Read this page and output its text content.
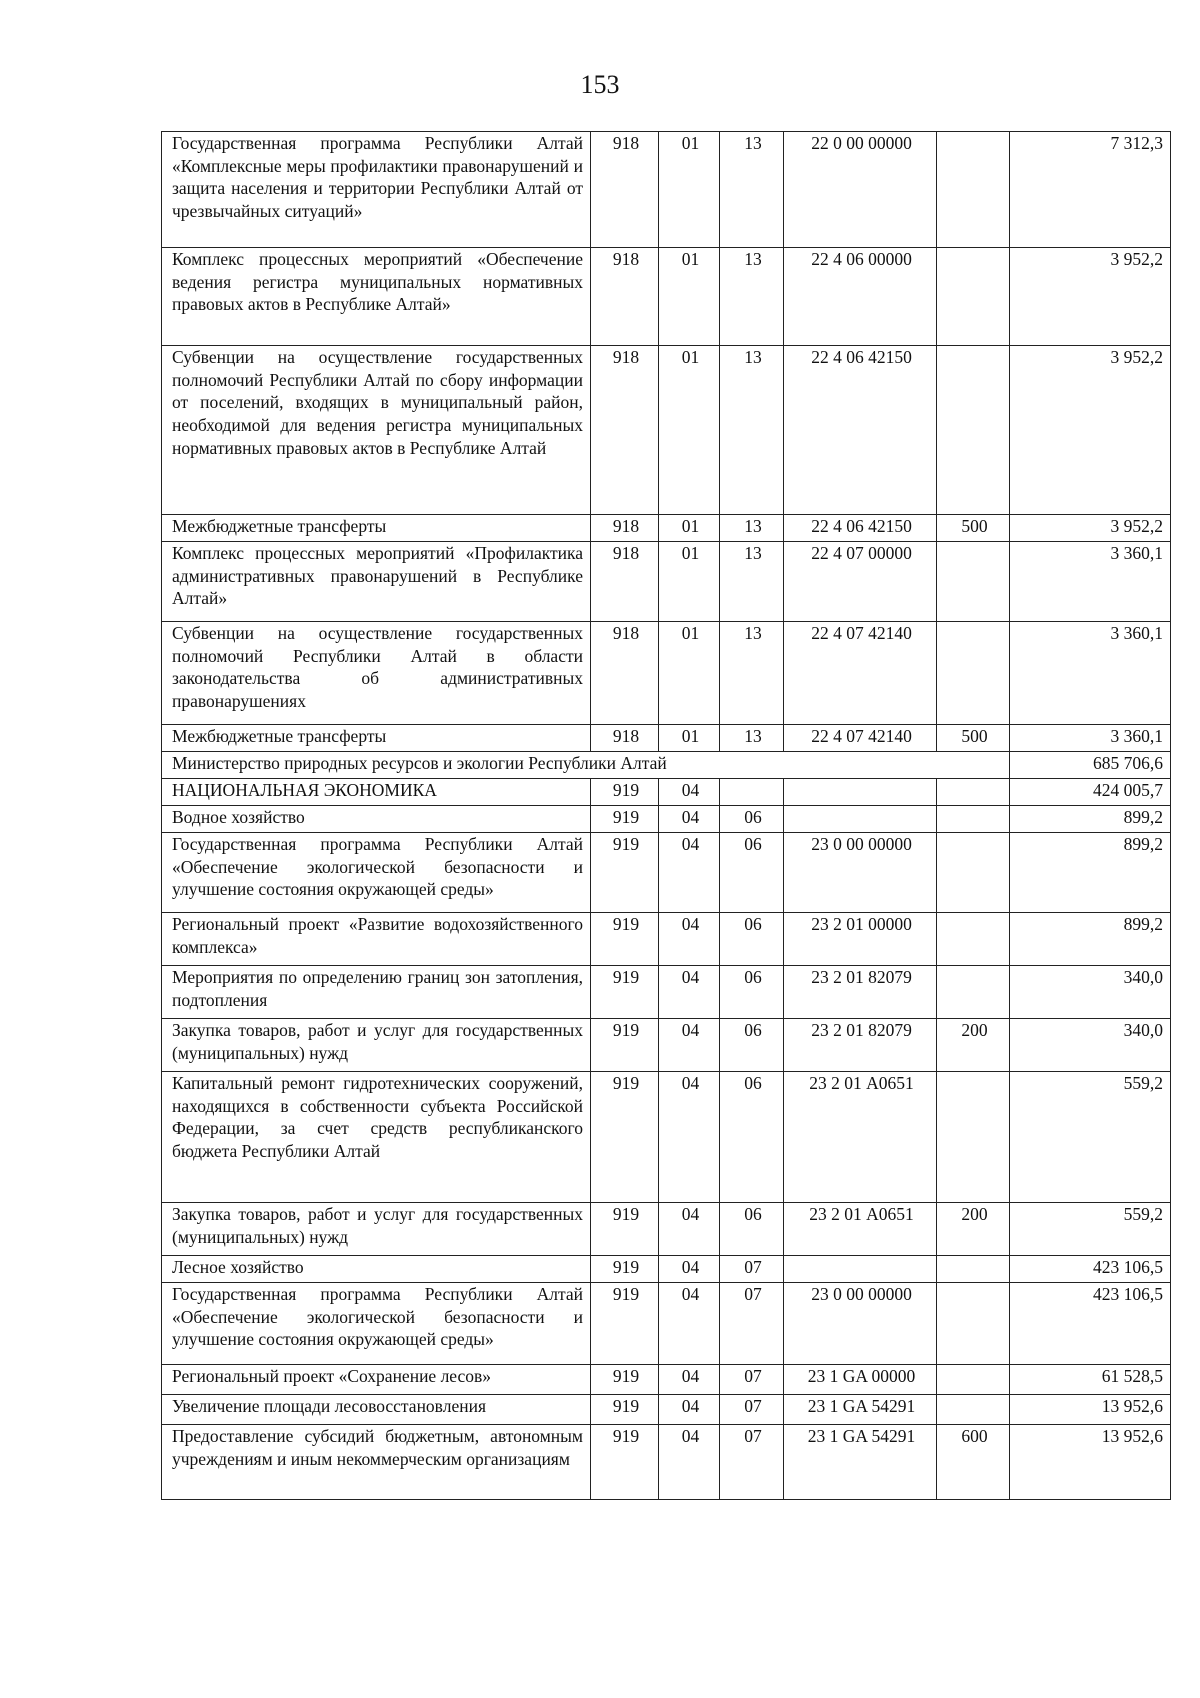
153
Государственная программа Республики Алтай «Комплексные меры профилактики правонарушений и защита населения и территории Республики Алтай от чрезвычайных ситуаций»	918	01	13	22 0 00 00000		7 312,3
Комплекс процессных мероприятий «Обеспечение ведения регистра муниципальных нормативных правовых актов в Республике Алтай»	918	01	13	22 4 06 00000		3 952,2
Субвенции на осуществление государственных полномочий Республики Алтай по сбору информации от поселений, входящих в муниципальный район, необходимой для ведения регистра муниципальных нормативных правовых актов в Республике Алтай	918	01	13	22 4 06 42150		3 952,2
Межбюджетные трансферты	918	01	13	22 4 06 42150	500	3 952,2
Комплекс процессных мероприятий «Профилактика административных правонарушений в Республике Алтай»	918	01	13	22 4 07 00000		3 360,1
Субвенции на осуществление государственных полномочий Республики Алтай в области законодательства об административных правонарушениях	918	01	13	22 4 07 42140		3 360,1
Межбюджетные трансферты	918	01	13	22 4 07 42140	500	3 360,1
Министерство природных ресурсов и экологии Республики Алтай						685 706,6
НАЦИОНАЛЬНАЯ ЭКОНОМИКА	919	04				424 005,7
Водное хозяйство	919	04	06			899,2
Государственная программа Республики Алтай «Обеспечение экологической безопасности и улучшение состояния окружающей среды»	919	04	06	23 0 00 00000		899,2
Региональный проект «Развитие водохозяйственного комплекса»	919	04	06	23 2 01 00000		899,2
Мероприятия по определению границ зон затопления, подтопления	919	04	06	23 2 01 82079		340,0
Закупка товаров, работ и услуг для государственных (муниципальных) нужд	919	04	06	23 2 01 82079	200	340,0
Капитальный ремонт гидротехнических сооружений, находящихся в собственности субъекта Российской Федерации, за счет средств республиканского бюджета Республики Алтай	919	04	06	23 2 01 А0651		559,2
Закупка товаров, работ и услуг для государственных (муниципальных) нужд	919	04	06	23 2 01 А0651	200	559,2
Лесное хозяйство	919	04	07			423 106,5
Государственная программа Республики Алтай «Обеспечение экологической безопасности и улучшение состояния окружающей среды»	919	04	07	23 0 00 00000		423 106,5
Региональный проект «Сохранение лесов»	919	04	07	23 1 GA 00000		61 528,5
Увеличение площади лесовосстановления	919	04	07	23 1 GA 54291		13 952,6
Предоставление субсидий бюджетным, автономным учреждениям и иным некоммерческим организациям	919	04	07	23 1 GA 54291	600	13 952,6
